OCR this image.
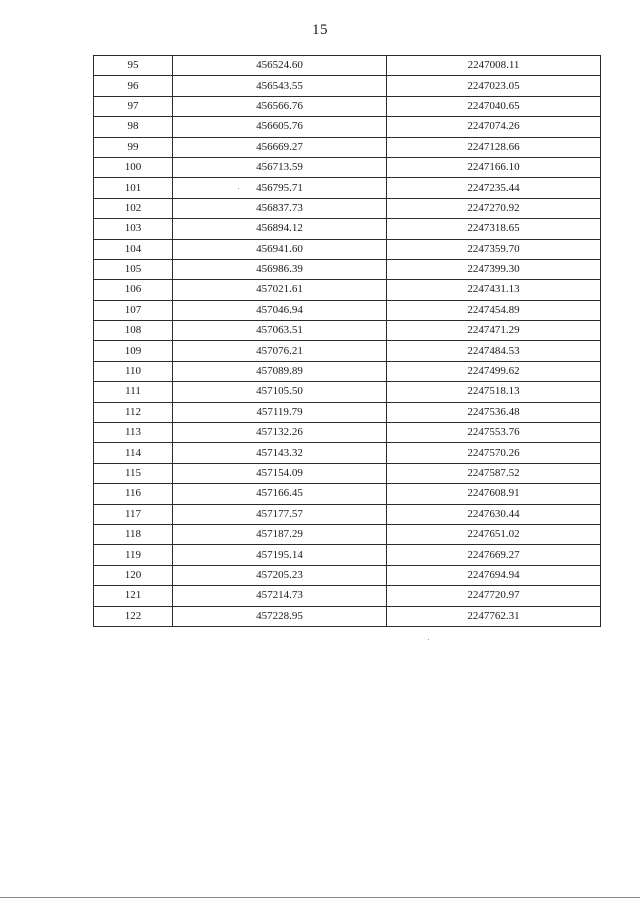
15
95	456524.60	2247008.11
96	456543.55	2247023.05
97	456566.76	2247040.65
98	456605.76	2247074.26
99	456669.27	2247128.66
100	456713.59	2247166.10
101	456795.71	2247235.44
102	456837.73	2247270.92
103	456894.12	2247318.65
104	456941.60	2247359.70
105	456986.39	2247399.30
106	457021.61	2247431.13
107	457046.94	2247454.89
108	457063.51	2247471.29
109	457076.21	2247484.53
110	457089.89	2247499.62
111	457105.50	2247518.13
112	457119.79	2247536.48
113	457132.26	2247553.76
114	457143.32	2247570.26
115	457154.09	2247587.52
116	457166.45	2247608.91
117	457177.57	2247630.44
118	457187.29	2247651.02
119	457195.14	2247669.27
120	457205.23	2247694.94
121	457214.73	2247720.97
122	457228.95	2247762.31
